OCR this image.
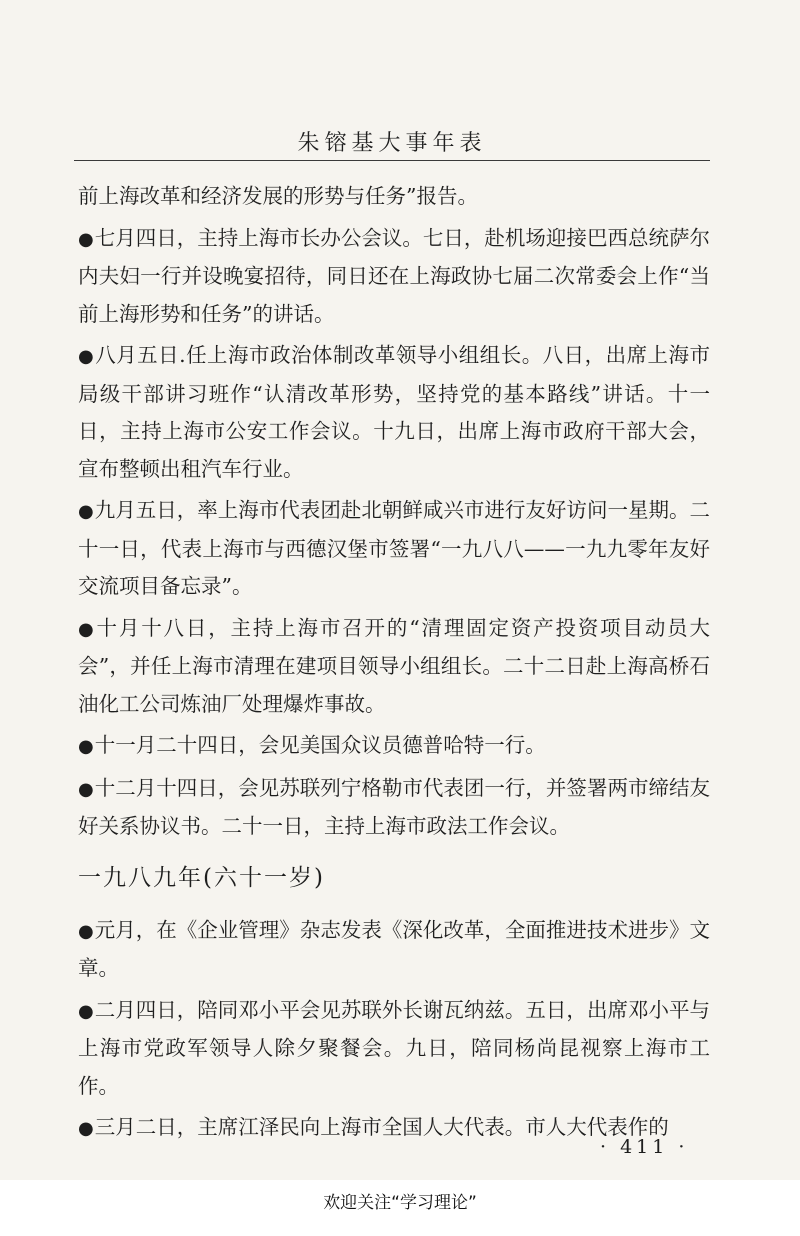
朱镕基大事年表

前上海改革和经济发展的形势与任务”报告。

●七月四日，主持上海市长办公会议。七日，赴机场迎接巴西总统萨尔内夫妇一行并设晚宴招待，同日还在上海政协七届二次常委会上作“当前上海形势和任务”的讲话。

●八月五日.任上海市政治体制改革领导小组组长。八日，出席上海市局级干部讲习班作“认清改革形势，坚持党的基本路线”讲话。十一日，主持上海市公安工作会议。十九日，出席上海市政府干部大会，宣布整顿出租汽车行业。

●九月五日，率上海市代表团赴北朝鲜咸兴市进行友好访问一星期。二十一日，代表上海市与西德汉堡市签署“一九八八——一九九零年友好交流项目备忘录”。

●十月十八日，主持上海市召开的“清理固定资产投资项目动员大会”，并任上海市清理在建项目领导小组组长。二十二日赴上海高桥石油化工公司炼油厂处理爆炸事故。

●十一月二十四日，会见美国众议员德普哈特一行。

●十二月十四日，会见苏联列宁格勒市代表团一行，并签署两市缔结友好关系协议书。二十一日，主持上海市政法工作会议。

一九八九年(六十一岁)

●元月，在《企业管理》杂志发表《深化改革，全面推进技术进步》文章。

●二月四日，陪同邓小平会见苏联外长谢瓦纳兹。五日，出席邓小平与上海市党政军领导人除夕聚餐会。九日，陪同杨尚昆视察上海市工作。

●三月二日，主席江泽民向上海市全国人大代表。市人大代表作的

· 411 ·
欢迎关注“学习理论”
